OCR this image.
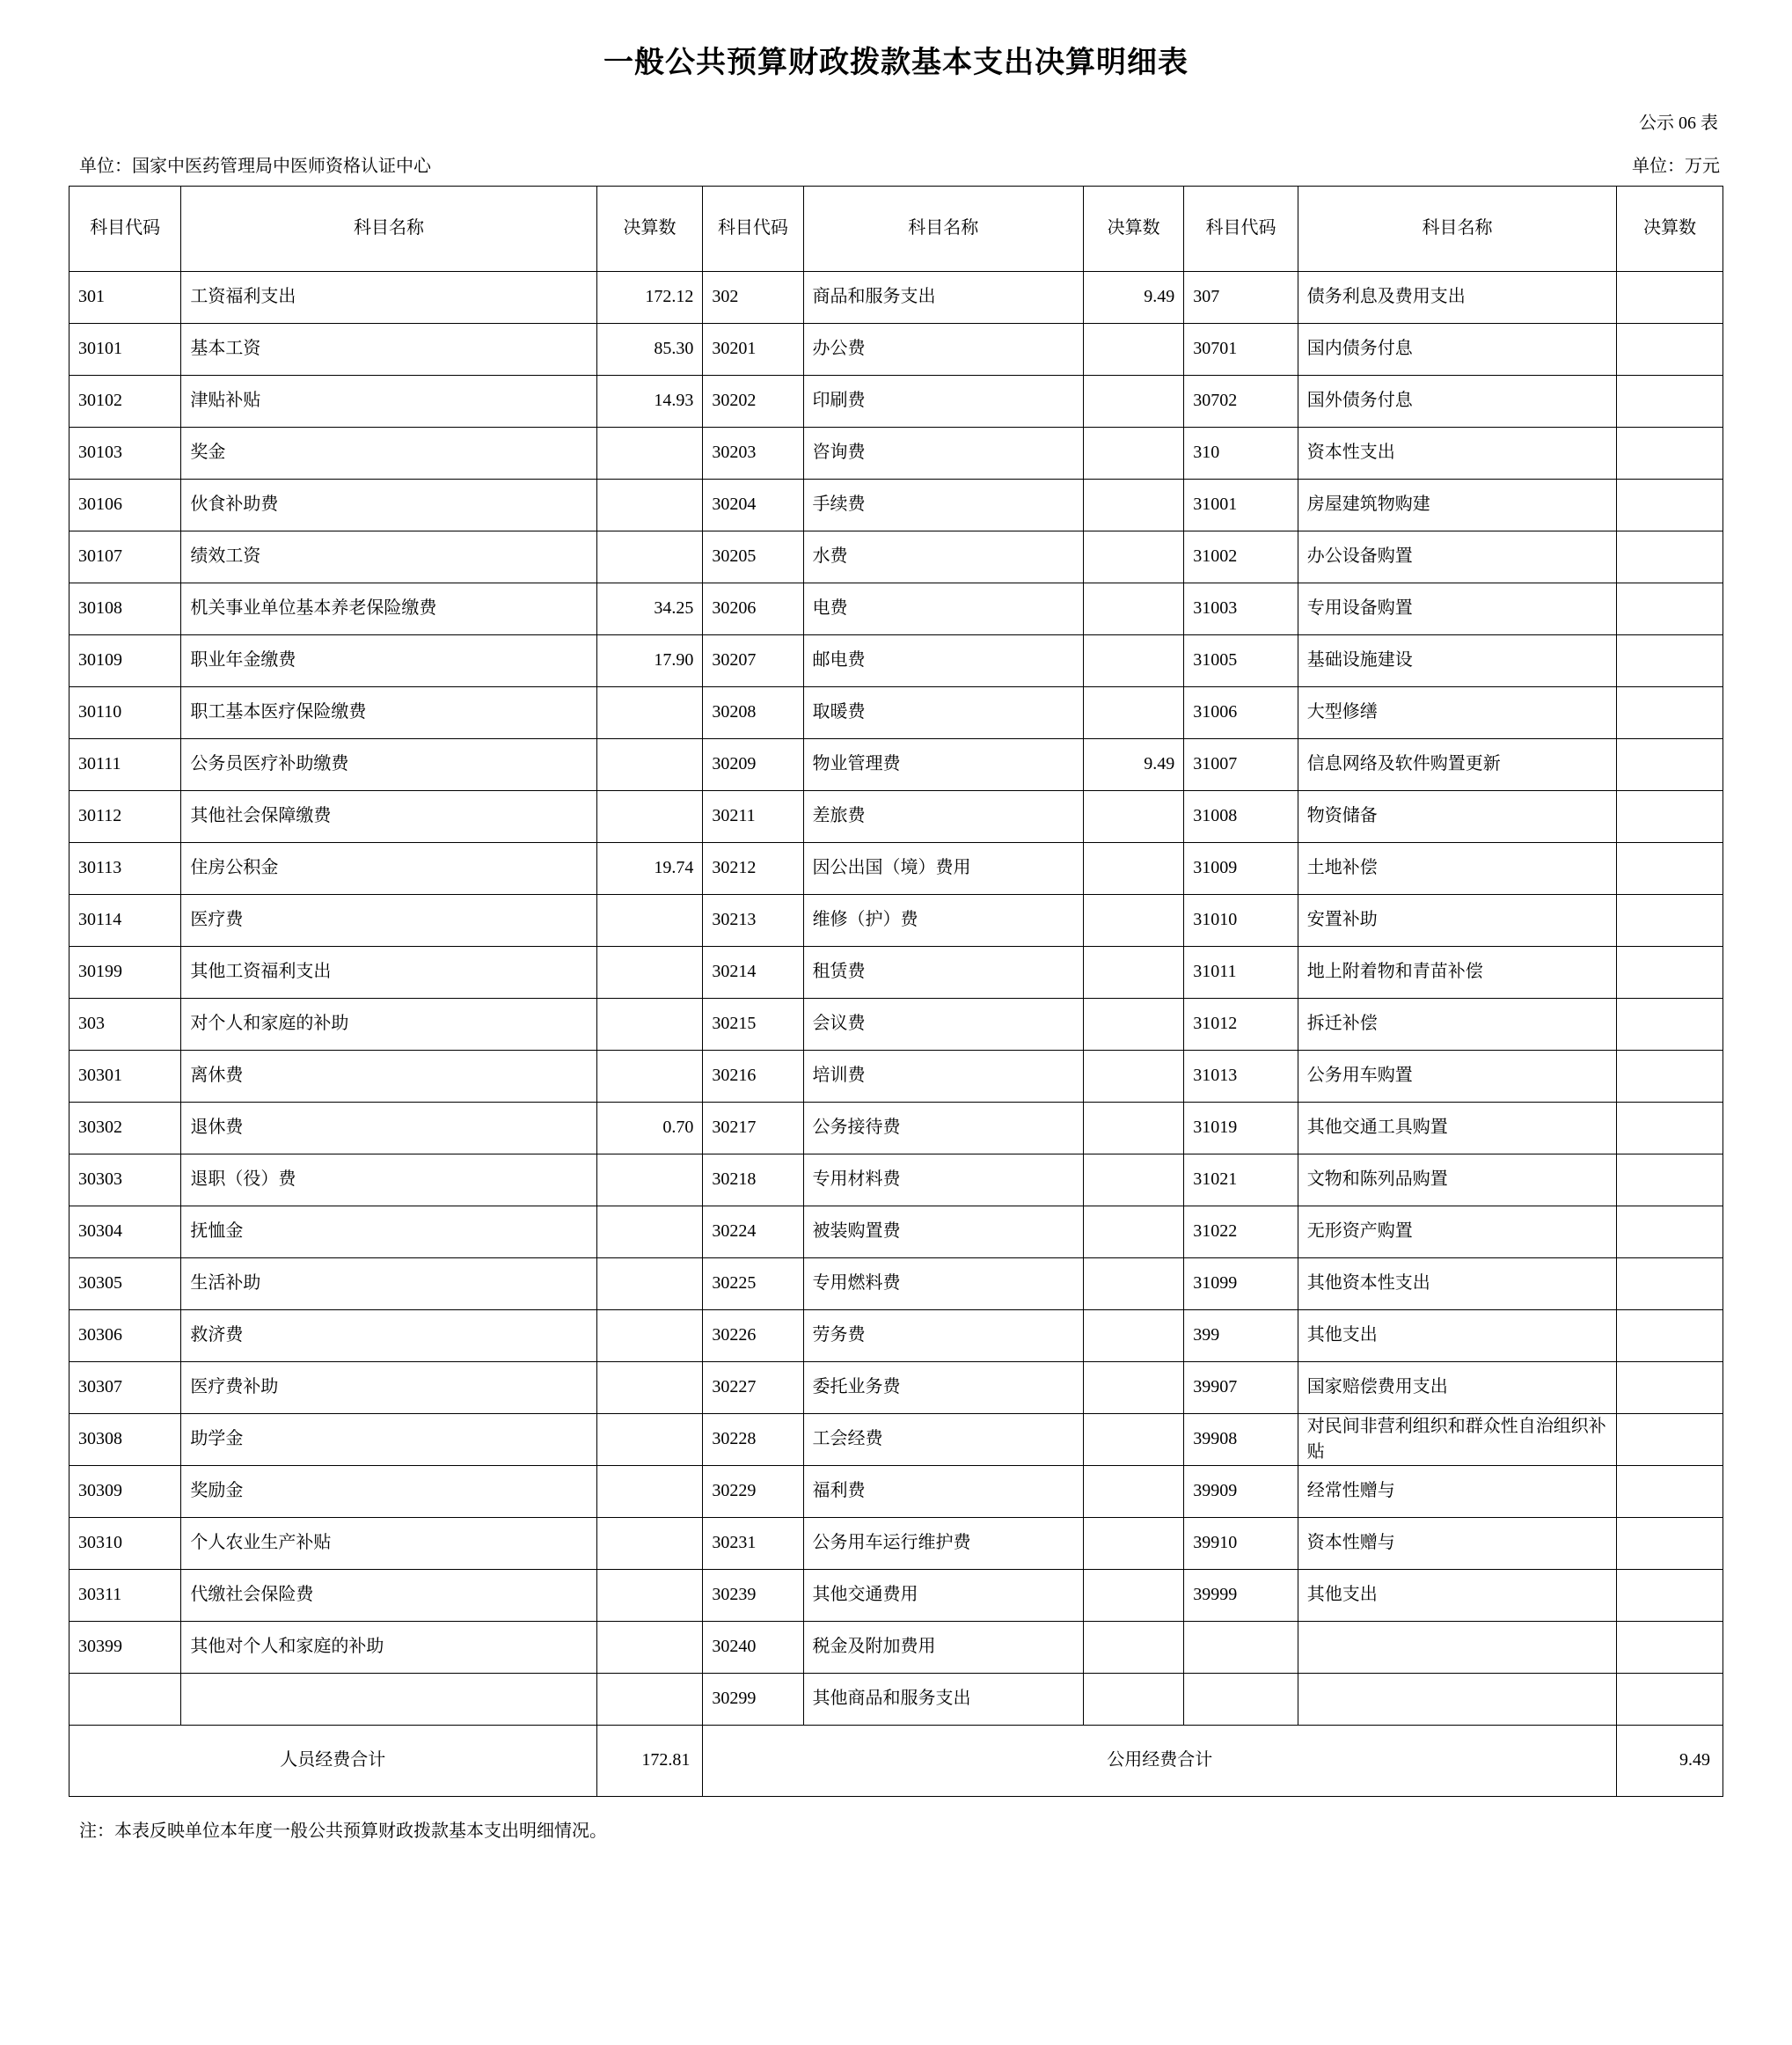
一般公共预算财政拨款基本支出决算明细表
公示 06 表
单位：国家中医药管理局中医师资格认证中心	单位：万元
科目代码	科目名称	决算数	科目代码	科目名称	决算数	科目代码	科目名称	决算数
301	工资福利支出	172.12	302	商品和服务支出	9.49	307	债务利息及费用支出	
30101	基本工资	85.30	30201	办公费		30701	国内债务付息	
30102	津贴补贴	14.93	30202	印刷费		30702	国外债务付息	
30103	奖金		30203	咨询费		310	资本性支出	
30106	伙食补助费		30204	手续费		31001	房屋建筑物购建	
30107	绩效工资		30205	水费		31002	办公设备购置	
30108	机关事业单位基本养老保险缴费	34.25	30206	电费		31003	专用设备购置	
30109	职业年金缴费	17.90	30207	邮电费		31005	基础设施建设	
30110	职工基本医疗保险缴费		30208	取暖费		31006	大型修缮	
30111	公务员医疗补助缴费		30209	物业管理费	9.49	31007	信息网络及软件购置更新	
30112	其他社会保障缴费		30211	差旅费		31008	物资储备	
30113	住房公积金	19.74	30212	因公出国（境）费用		31009	土地补偿	
30114	医疗费		30213	维修（护）费		31010	安置补助	
30199	其他工资福利支出		30214	租赁费		31011	地上附着物和青苗补偿	
303	对个人和家庭的补助		30215	会议费		31012	拆迁补偿	
30301	离休费		30216	培训费		31013	公务用车购置	
30302	退休费	0.70	30217	公务接待费		31019	其他交通工具购置	
30303	退职（役）费		30218	专用材料费		31021	文物和陈列品购置	
30304	抚恤金		30224	被装购置费		31022	无形资产购置	
30305	生活补助		30225	专用燃料费		31099	其他资本性支出	
30306	救济费		30226	劳务费		399	其他支出	
30307	医疗费补助		30227	委托业务费		39907	国家赔偿费用支出	
30308	助学金		30228	工会经费		39908	对民间非营利组织和群众性自治组织补贴	
30309	奖励金		30229	福利费		39909	经常性赠与	
30310	个人农业生产补贴		30231	公务用车运行维护费		39910	资本性赠与	
30311	代缴社会保险费		30239	其他交通费用		39999	其他支出	
30399	其他对个人和家庭的补助		30240	税金及附加费用				
			30299	其他商品和服务支出				
人员经费合计		172.81	公用经费合计					9.49
注：本表反映单位本年度一般公共预算财政拨款基本支出明细情况。
